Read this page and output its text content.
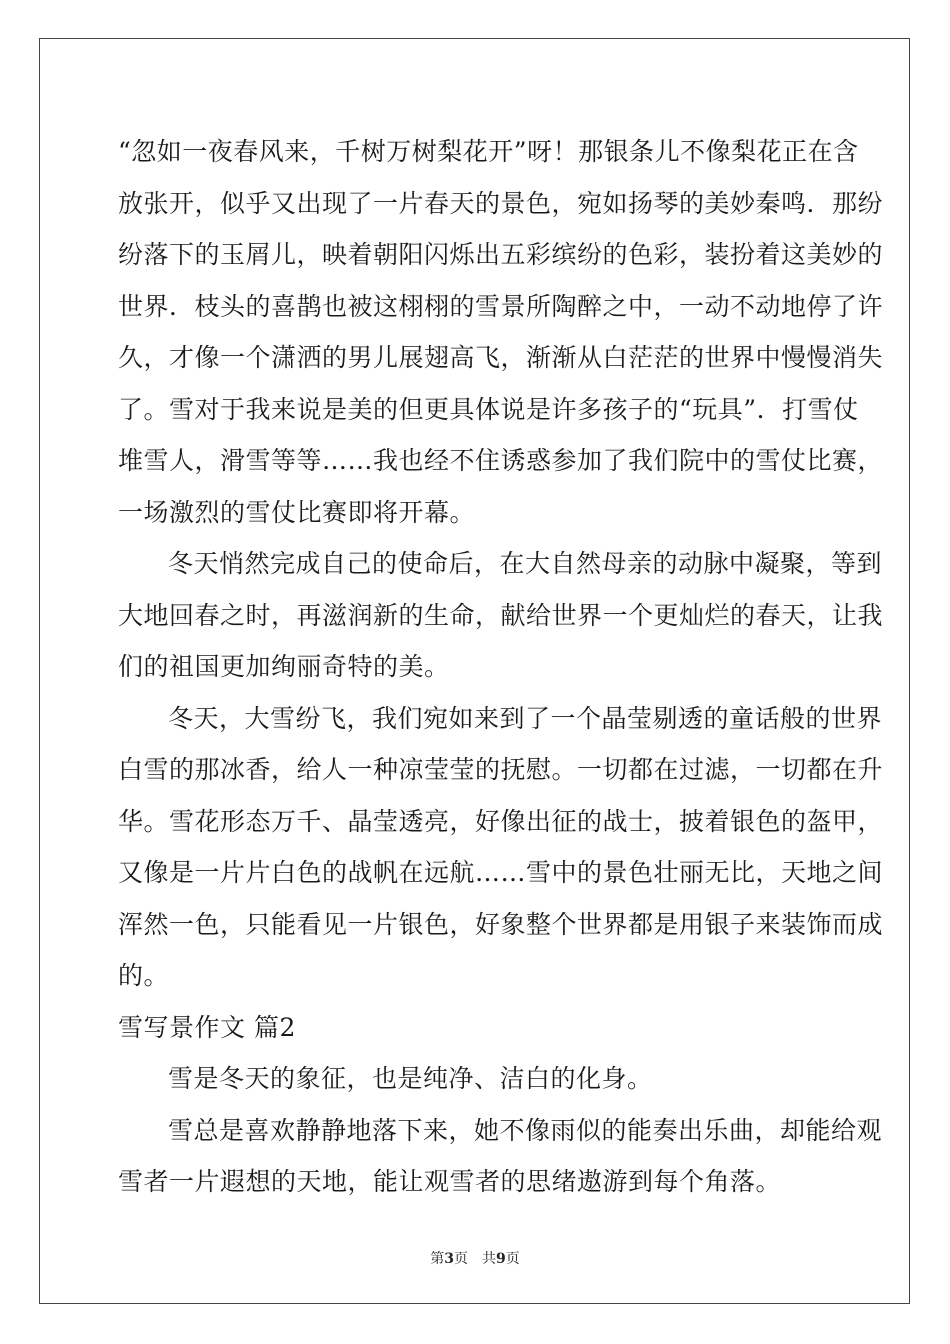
“忽如一夜春风来，千树万树梨花开”呀！那银条儿不像梨花正在含
放张开，似乎又出现了一片春天的景色，宛如扬琴的美妙秦鸣．那纷
纷落下的玉屑儿，映着朝阳闪烁出五彩缤纷的色彩，装扮着这美妙的
世界．枝头的喜鹊也被这栩栩的雪景所陶醉之中，一动不动地停了许
久，才像一个潇洒的男儿展翅高飞，渐渐从白茫茫的世界中慢慢消失
了。雪对于我来说是美的但更具体说是许多孩子的“玩具”．打雪仗
堆雪人，滑雪等等……我也经不住诱惑参加了我们院中的雪仗比赛，
一场激烈的雪仗比赛即将开幕。
冬天悄然完成自己的使命后，在大自然母亲的动脉中凝聚，等到
大地回春之时，再滋润新的生命，献给世界一个更灿烂的春天，让我
们的祖国更加绚丽奇特的美。
冬天，大雪纷飞，我们宛如来到了一个晶莹剔透的童话般的世界
白雪的那冰香，给人一种凉莹莹的抚慰。一切都在过滤，一切都在升
华。雪花形态万千、晶莹透亮，好像出征的战士，披着银色的盔甲，
又像是一片片白色的战帆在远航……雪中的景色壮丽无比，天地之间
浑然一色，只能看见一片银色，好象整个世界都是用银子来装饰而成
的。
雪写景作文 篇2
雪是冬天的象征，也是纯净、洁白的化身。
雪总是喜欢静静地落下来，她不像雨似的能奏出乐曲，却能给观
雪者一片遐想的天地，能让观雪者的思绪遨游到每个角落。
第3页　共9页
